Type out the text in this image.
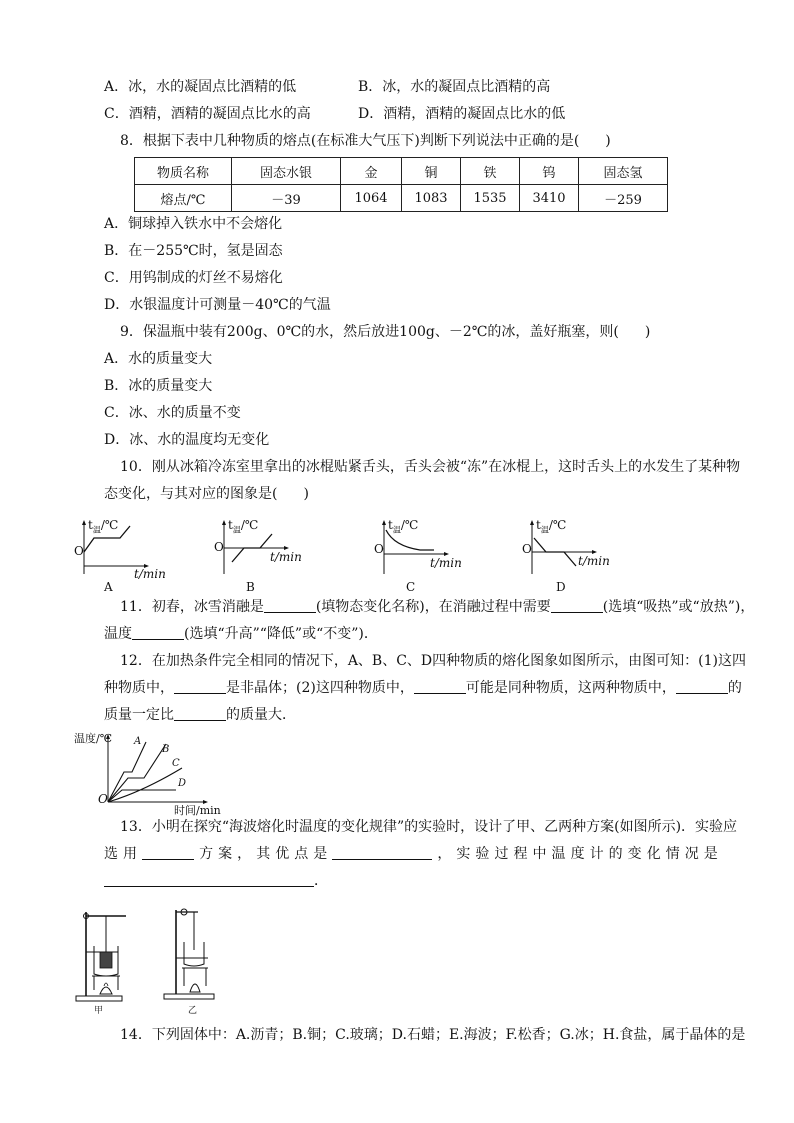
A．冰，水的凝固点比酒精的低	B．冰，水的凝固点比酒精的高
C．酒精，酒精的凝固点比水的高	D．酒精，酒精的凝固点比水的低
8．根据下表中几种物质的熔点(在标准大气压下)判断下列说法中正确的是( )
物质名称	固态水银	金	铜	铁	钨	固态氢
熔点/℃	－39	1064	1083	1535	3410	－259
A．铜球掉入铁水中不会熔化
B．在－255℃时，氢是固态
C．用钨制成的灯丝不易熔化
D．水银温度计可测量－40℃的气温
9．保温瓶中装有200g、0℃的水，然后放进100g、－2℃的冰，盖好瓶塞，则( )
A．水的质量变大
B．冰的质量变大
C．冰、水的质量不变
D．冰、水的温度均无变化
10．刚从冰箱冷冻室里拿出的冰棍贴紧舌头，舌头会被“冻”在冰棍上，这时舌头上的水发生了某种物
态变化，与其对应的图象是( )
$t_温/℃$
O
t/min
A
$t_温/℃$
O
t/min
B
$t_温/℃$
O
t/min
C
$t_温/℃$
O
t/min
D
11．初春，冰雪消融是	(填物态变化名称)，在消融过程中需要	(选填“吸热”或“放热”)，
温度	(选填“升高”“降低”或“不变”)．
12．在加热条件完全相同的情况下，A、B、C、D四种物质的熔化图象如图所示，由图可知：(1)这四
种物质中，	是非晶体；(2)这四种物质中，	可能是同种物质，这两种物质中，	的
质量一定比	的质量大．
温度/℃
O
时间/min
A
B
C
D
13．小明在探究“海波熔化时温度的变化规律”的实验时，设计了甲、乙两种方案(如图所示)．实验应
选 用	方 案 ， 其 优 点 是	， 实 验 过 程 中 温 度 计 的 变 化 情 况 是
．
甲	乙
14．下列固体中：A.沥青；B.铜；C.玻璃；D.石蜡；E.海波；F.松香；G.冰；H.食盐，属于晶体的是
